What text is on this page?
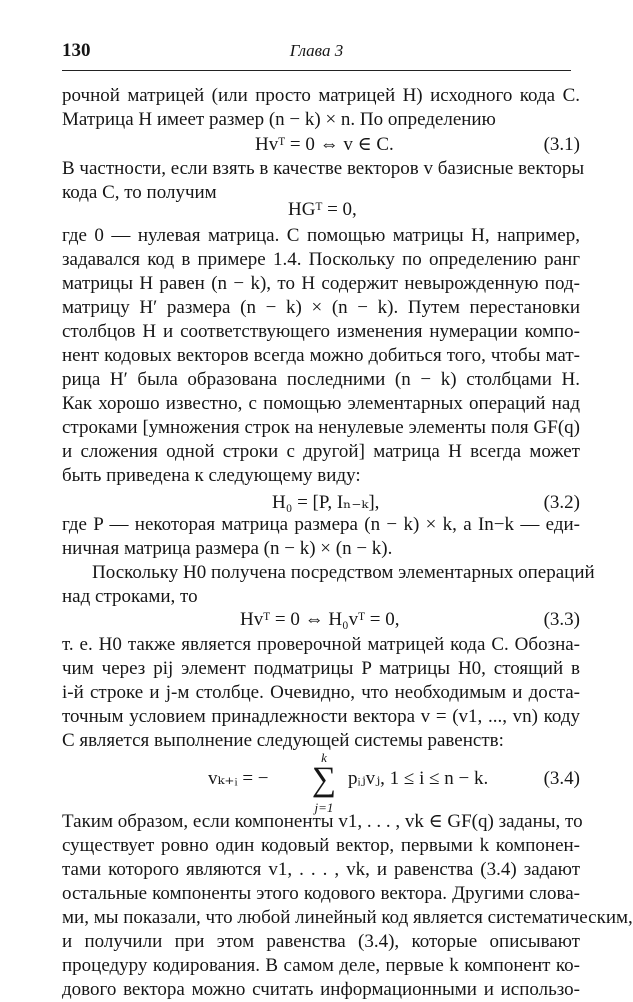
130	Глава 3
рочной матрицей (или просто матрицей H) исходного кода C.
Матрица H имеет размер (n − k) × n. По определению
Hvᵀ = 0 ⇔ v ∈ C.	(3.1)
В частности, если взять в качестве векторов v базисные векторы
кода C, то получим
HGᵀ = 0,
где 0 — нулевая матрица. С помощью матрицы H, например,
задавался код в примере 1.4. Поскольку по определению ранг
матрицы H равен (n − k), то H содержит невырожденную под-
матрицу H′ размера (n − k) × (n − k). Путем перестановки
столбцов H и соответствующего изменения нумерации компо-
нент кодовых векторов всегда можно добиться того, чтобы мат-
рица H′ была образована последними (n − k) столбцами H.
Как хорошо известно, с помощью элементарных операций над
строками [умножения строк на ненулевые элементы поля GF(q)
и сложения одной строки с другой] матрица H всегда может
быть приведена к следующему виду:
H₀ = [P, Iₙ₋ₖ],	(3.2)
где P — некоторая матрица размера (n − k) × k, а In−k — еди-
ничная матрица размера (n − k) × (n − k).
Поскольку H0 получена посредством элементарных операций
над строками, то
Hvᵀ = 0 ⇔ H₀vᵀ = 0,	(3.3)
т. е. H0 также является проверочной матрицей кода C. Обозна-
чим через pij элемент подматрицы P матрицы H0, стоящий в
i-й строке и j-м столбце. Очевидно, что необходимым и доста-
точным условием принадлежности вектора v = (v1, ..., vn) коду
C является выполнение следующей системы равенств:
vₖ₊ᵢ = −
k
∑
j=1
pᵢⱼvⱼ, 1 ≤ i ≤ n − k.	(3.4)
Таким образом, если компоненты v1, . . . , vk ∈ GF(q) заданы, то
существует ровно один кодовый вектор, первыми k компонен-
тами которого являются v1, . . . , vk, и равенства (3.4) задают
остальные компоненты этого кодового вектора. Другими слова-
ми, мы показали, что любой линейный код является систематическим,
и получили при этом равенства (3.4), которые описывают
процедуру кодирования. В самом деле, первые k компонент ко-
дового вектора можно считать информационными и использо-
